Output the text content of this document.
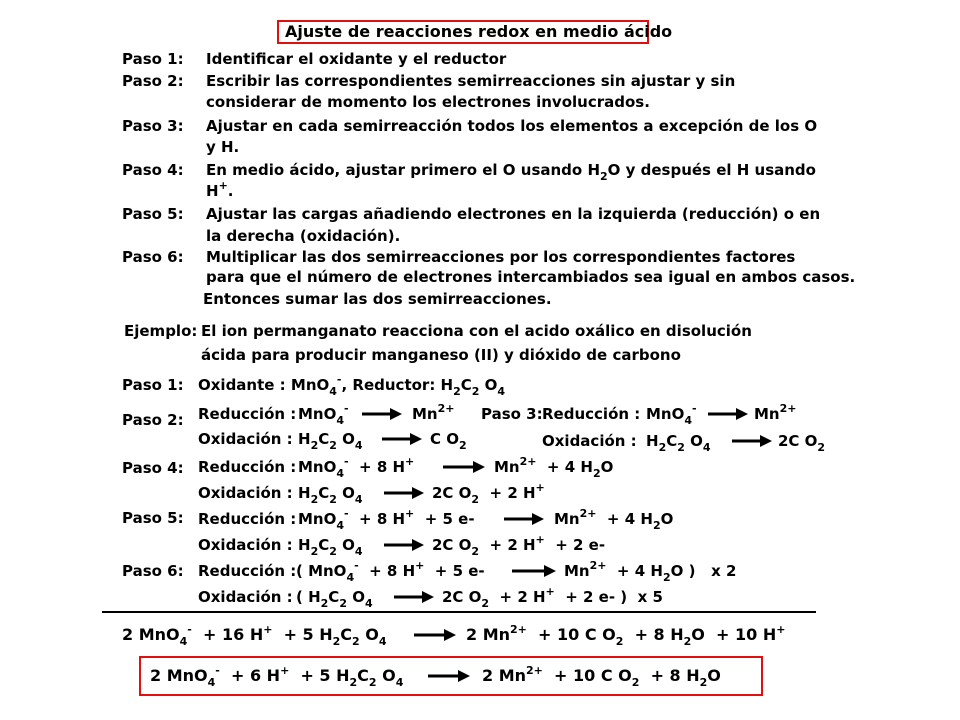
Ajuste de reacciones redox en medio ácido
Paso 1: Identificar el oxidante y el reductor
Paso 2: Escribir las correspondientes semirreacciones sin ajustar y sin
considerar de momento los electrones involucrados.
Paso 3: Ajustar en cada semirreacción todos los elementos a excepción de los O
y H.
Paso 4: En medio ácido, ajustar primero el O usando $H_2O$ y después el H usando
H+.
Paso 5: Ajustar las cargas añadiendo electrones en la izquierda (reducción) o en
la derecha (oxidación).
Paso 6: Multiplicar las dos semirreacciones por los correspondientes factores
para que el número de electrones intercambiados sea igual en ambos casos.
Entonces sumar las dos semirreacciones.
Ejemplo: El ion permanganato reacciona con el acido oxálico en disolución
ácida para producir manganeso (II) y dióxido de carbono
Paso 1: Oxidante : MnO$_4$-, Reductor: $H_2C_2$ $O_4$
Paso 2: Reducción : $MnO_4^- \to Mn^{2+}$
Oxidación : $H_2C_2$ $O_4 \to C$ $O_2$
Paso 3: Reducción : $MnO_4^- \to Mn^{2+}$
Oxidación : $H_2C_2$ $O_4 \to 2C$ $O_2$
Paso 4: Reducción : MnO$_4$-  + 8 $H^+ \to Mn^{2+} + 4$ $H_2O$
Oxidación : $H_2C_2$ $O_4 \to 2C$ $O_2 + 2$ H+
Paso 5: Reducción : MnO$_4$-  + 8 H+  + 5 $e- \to Mn^{2+} + 4$ $H_2O$
Oxidación : $H_2C_2$ $O_4 \to 2C$ $O_2 + 2$ H+  + 2 e-
Paso 6: Reducción : ( MnO$_4$-  + 8 H+  + 5 $e- \to Mn^{2+} + 4$ $H_2O$ )   x 2
Oxidación : ( $H_2C_2$ $O_4 \to 2C$ $O_2 + 2$ H+  + 2 e- )  x 5
2 MnO$_4$-  + 16 H+  + 5 $H_2C_2$ $O_4 \to 2$ $Mn^{2+} + 10$ C $O_2 + 8$ $H_2O + 10$ H+
2 MnO$_4$-  + 6 H+  + 5 $H_2C_2$ $O_4 \to 2$ $Mn^{2+} + 10$ C $O_2 + 8$ $H_2O$
